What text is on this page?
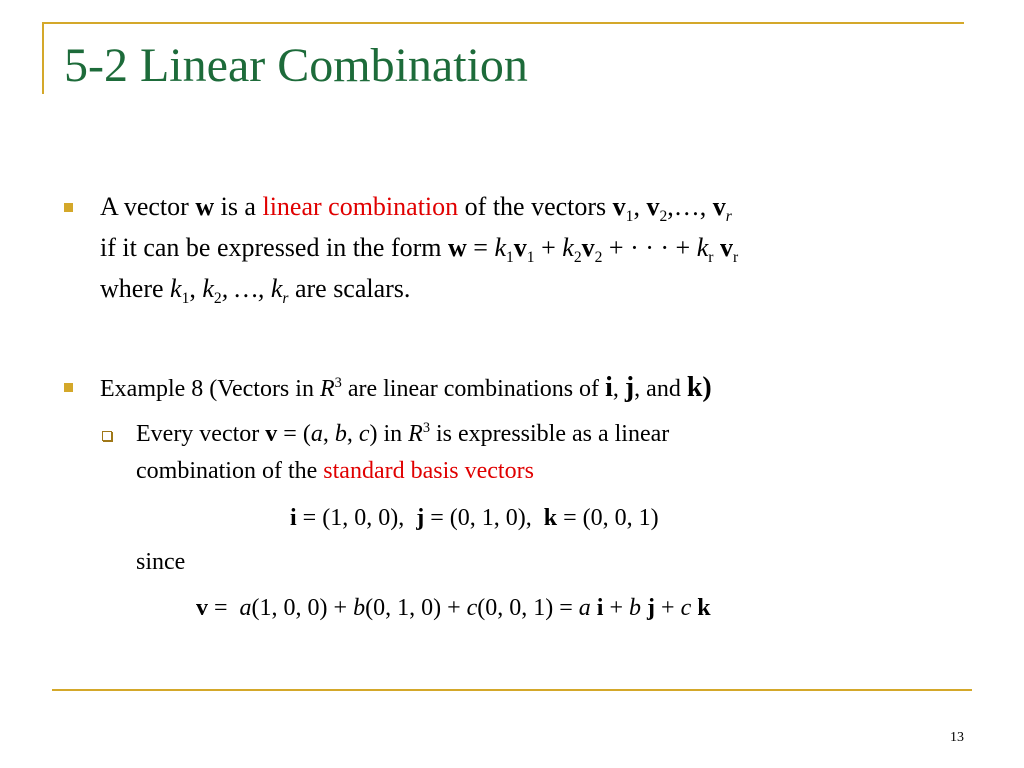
5-2 Linear Combination
A vector w is a linear combination of the vectors $v_1$, $v_2,\dots$, $v_r$
if it can be expressed in the form $w = k_1v_1 + k_2v_2$ + · · · + $k_r$ $v_r$
where $k_1$, $k_2$, …, $k_r$ are scalars.
Example 8 (Vectors in $R^3$ are linear combinations of i, j, and k)
Every vector v = (a, b, c) in $R^3$ is expressible as a linear
combination of the standard basis vectors
i = (1, 0, 0), j = (0, 1, 0), k = (0, 0, 1)
since
v =  a(1, 0, 0) + b(0, 1, 0) + c(0, 0, 1) = a i + b j + c k
13
